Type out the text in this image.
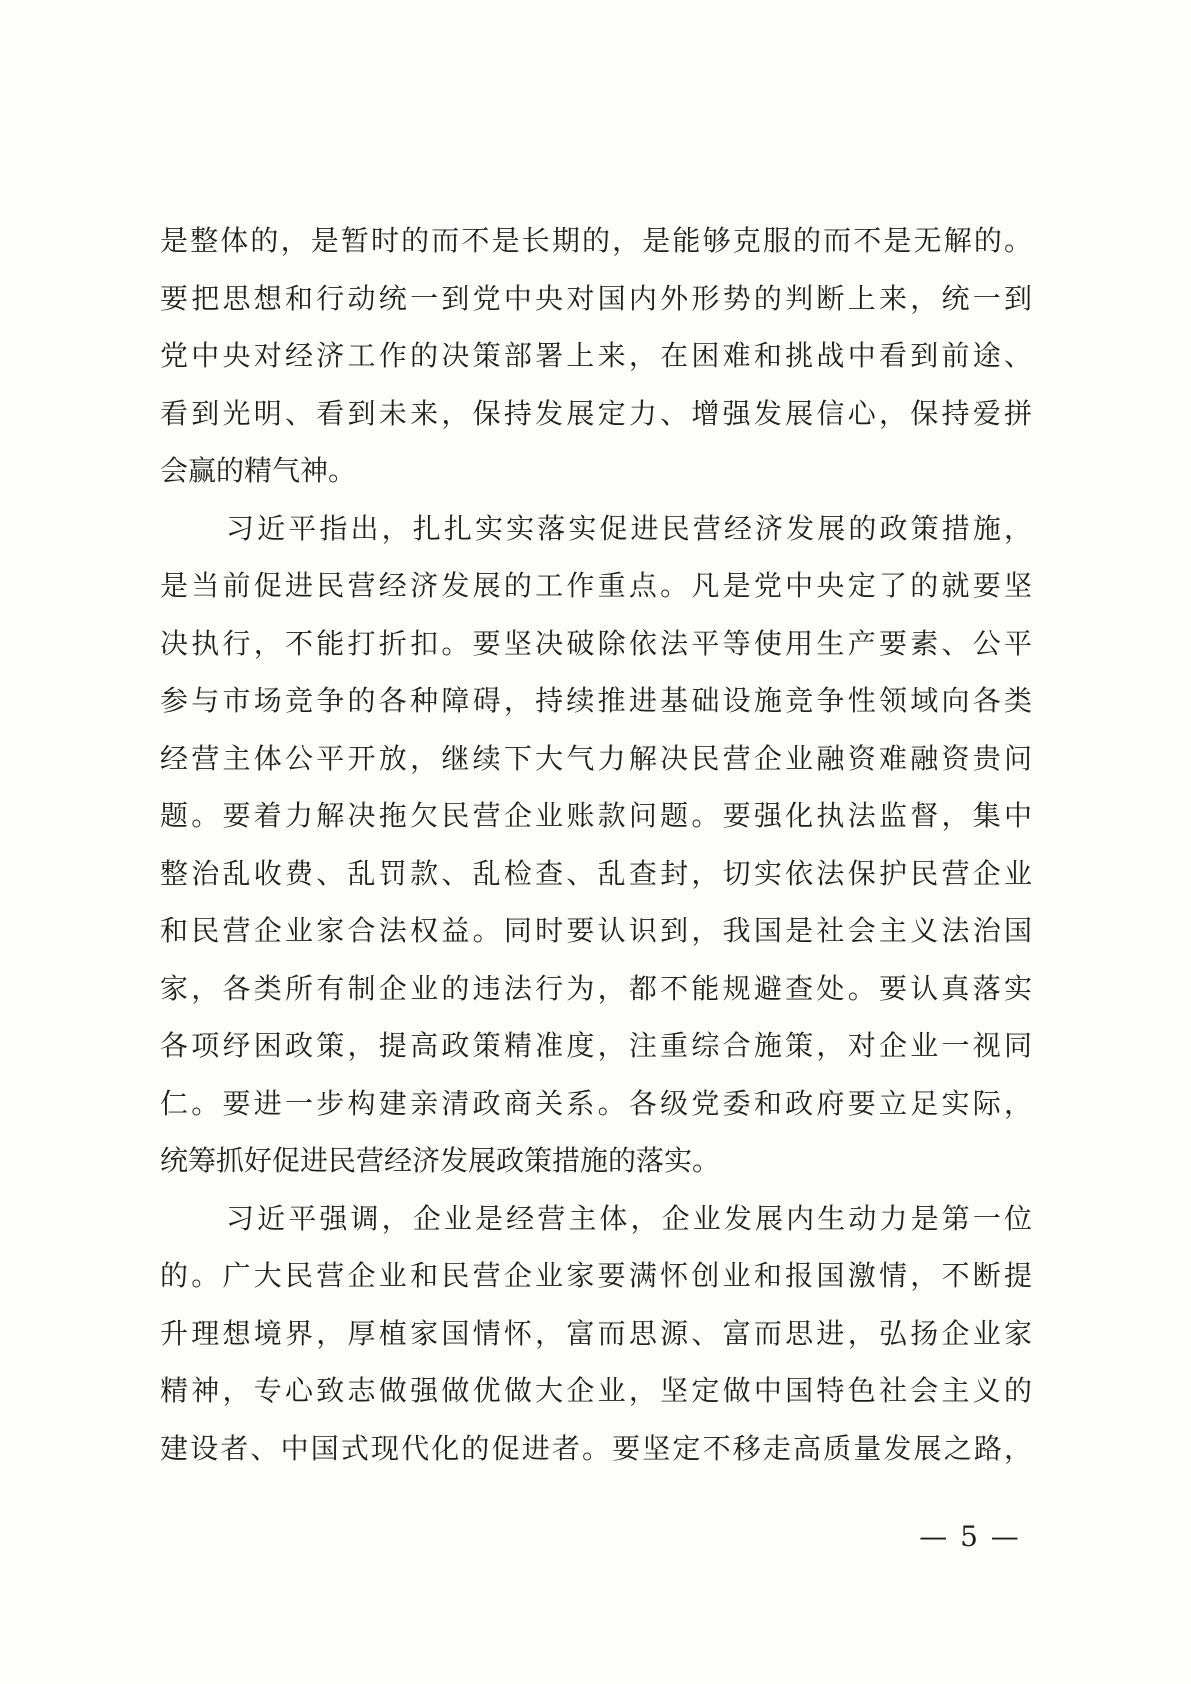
是整体的，是暂时的而不是长期的，是能够克服的而不是无解的。
要把思想和行动统一到党中央对国内外形势的判断上来，统一到
党中央对经济工作的决策部署上来，在困难和挑战中看到前途、
看到光明、看到未来，保持发展定力、增强发展信心，保持爱拼
会赢的精气神。
习近平指出，扎扎实实落实促进民营经济发展的政策措施，
是当前促进民营经济发展的工作重点。凡是党中央定了的就要坚
决执行，不能打折扣。要坚决破除依法平等使用生产要素、公平
参与市场竞争的各种障碍，持续推进基础设施竞争性领域向各类
经营主体公平开放，继续下大气力解决民营企业融资难融资贵问
题。要着力解决拖欠民营企业账款问题。要强化执法监督，集中
整治乱收费、乱罚款、乱检查、乱查封，切实依法保护民营企业
和民营企业家合法权益。同时要认识到，我国是社会主义法治国
家，各类所有制企业的违法行为，都不能规避查处。要认真落实
各项纾困政策，提高政策精准度，注重综合施策，对企业一视同
仁。要进一步构建亲清政商关系。各级党委和政府要立足实际，
统筹抓好促进民营经济发展政策措施的落实。
习近平强调，企业是经营主体，企业发展内生动力是第一位
的。广大民营企业和民营企业家要满怀创业和报国激情，不断提
升理想境界，厚植家国情怀，富而思源、富而思进，弘扬企业家
精神，专心致志做强做优做大企业，坚定做中国特色社会主义的
建设者、中国式现代化的促进者。要坚定不移走高质量发展之路，
— 5 —
